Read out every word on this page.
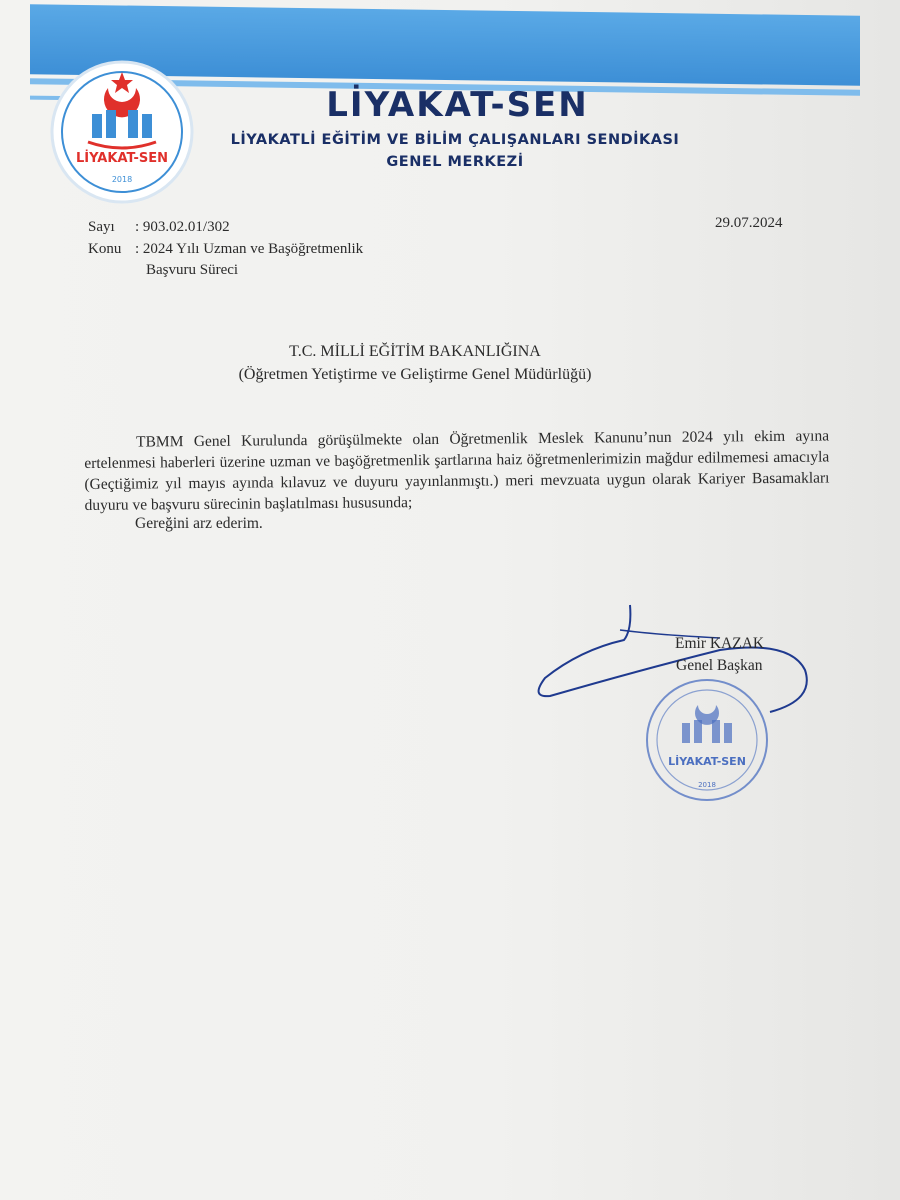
LİYAKAT-SEN
2018
LİYAKAT-SEN
LİYAKATLİ EĞİTİM VE BİLİM ÇALIŞANLARI SENDİKASI
GENEL MERKEZİ
Sayı : 903.02.01/302
Konu : 2024 Yılı Uzman ve Başöğretmenlik
Başvuru Süreci
29.07.2024
T.C. MİLLİ EĞİTİM BAKANLIĞINA
(Öğretmen Yetiştirme ve Geliştirme Genel Müdürlüğü)
TBMM Genel Kurulunda görüşülmekte olan Öğretmenlik Meslek Kanunu’nun 2024 yılı ekim ayına ertelenmesi haberleri üzerine uzman ve başöğretmenlik şartlarına haiz öğretmenlerimizin mağdur edilmemesi amacıyla (Geçtiğimiz yıl mayıs ayında kılavuz ve duyuru yayınlanmıştı.) meri mevzuata uygun olarak Kariyer Basamakları duyuru ve başvuru sürecinin başlatılması hususunda;
Gereğini arz ederim.
Emir KAZAK
Genel Başkan
LİYAKAT-SEN
2018
